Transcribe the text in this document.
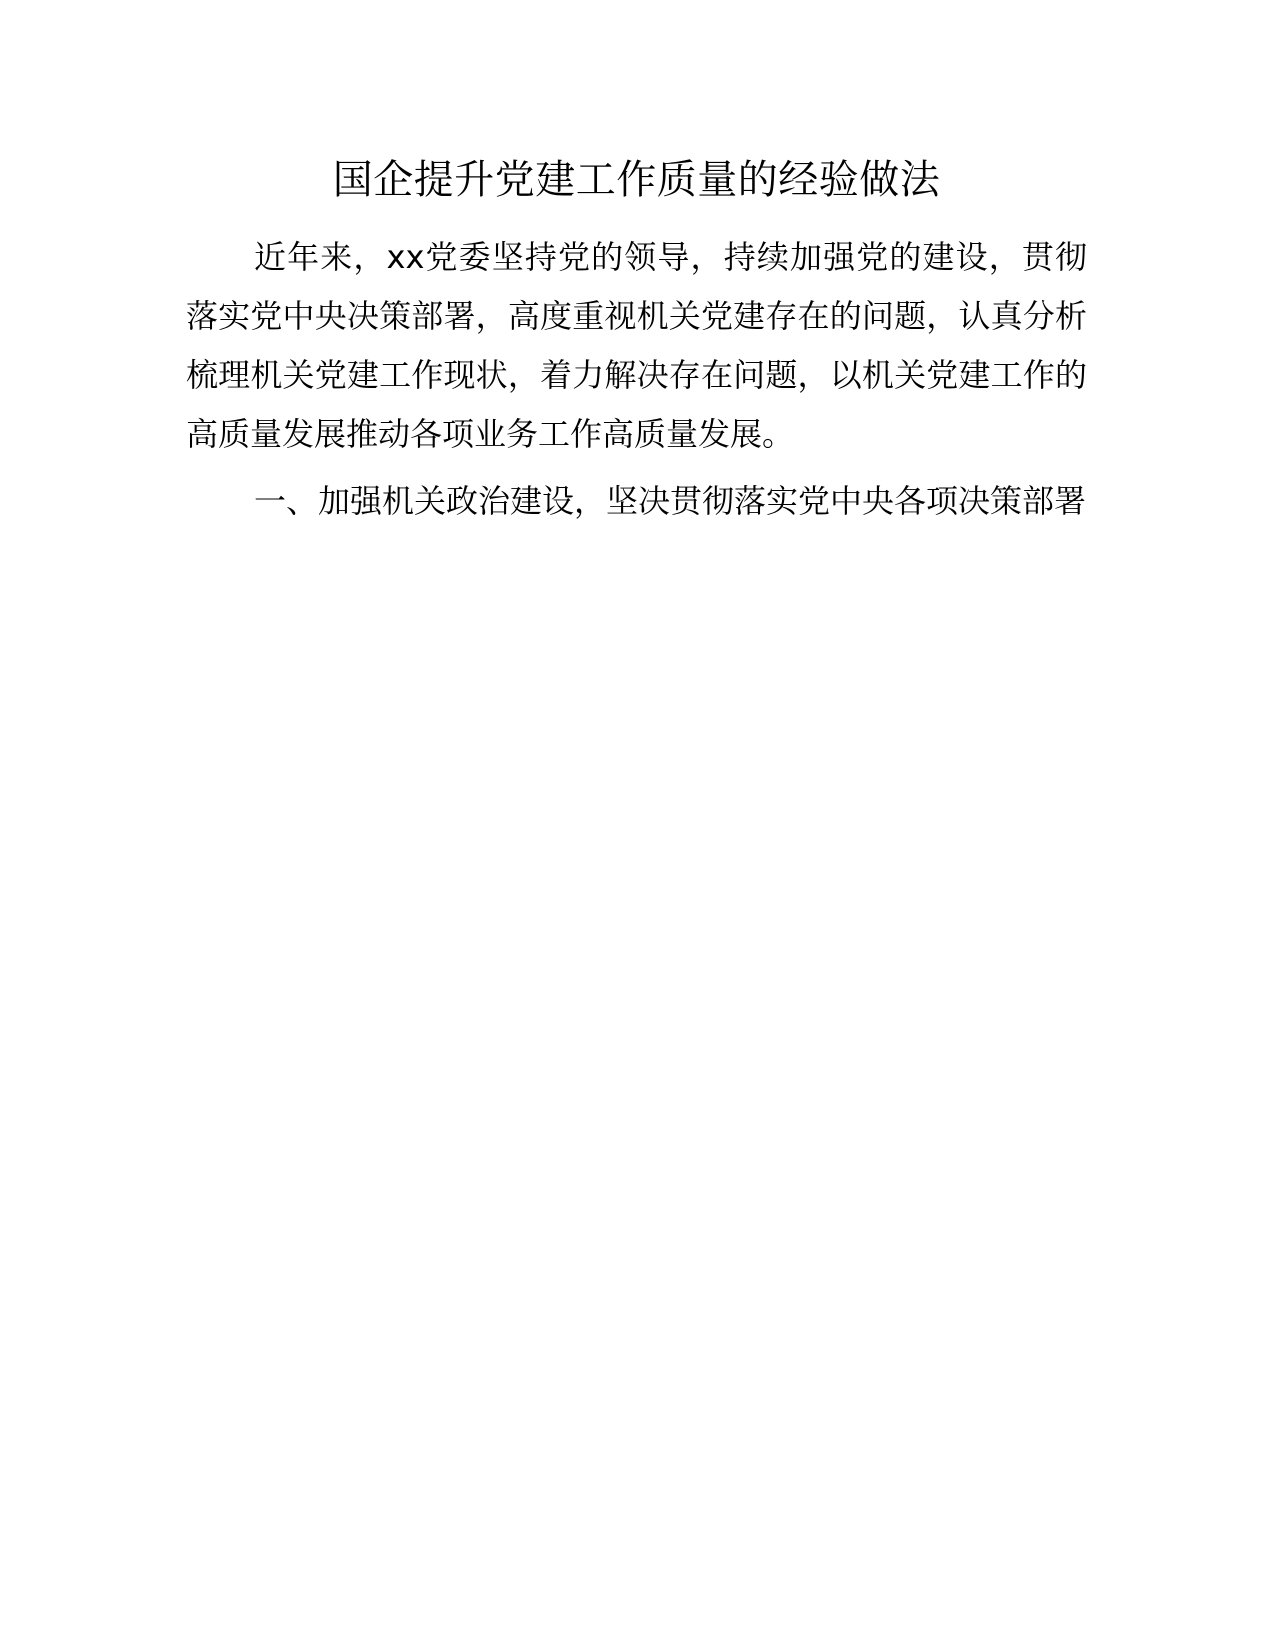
国企提升党建工作质量的经验做法

近年来，xx党委坚持党的领导，持续加强党的建设，贯彻落实党中央决策部署，高度重视机关党建存在的问题，认真分析梳理机关党建工作现状，着力解决存在问题，以机关党建工作的高质量发展推动各项业务工作高质量发展。

一、加强机关政治建设，坚决贯彻落实党中央各项决策部署
